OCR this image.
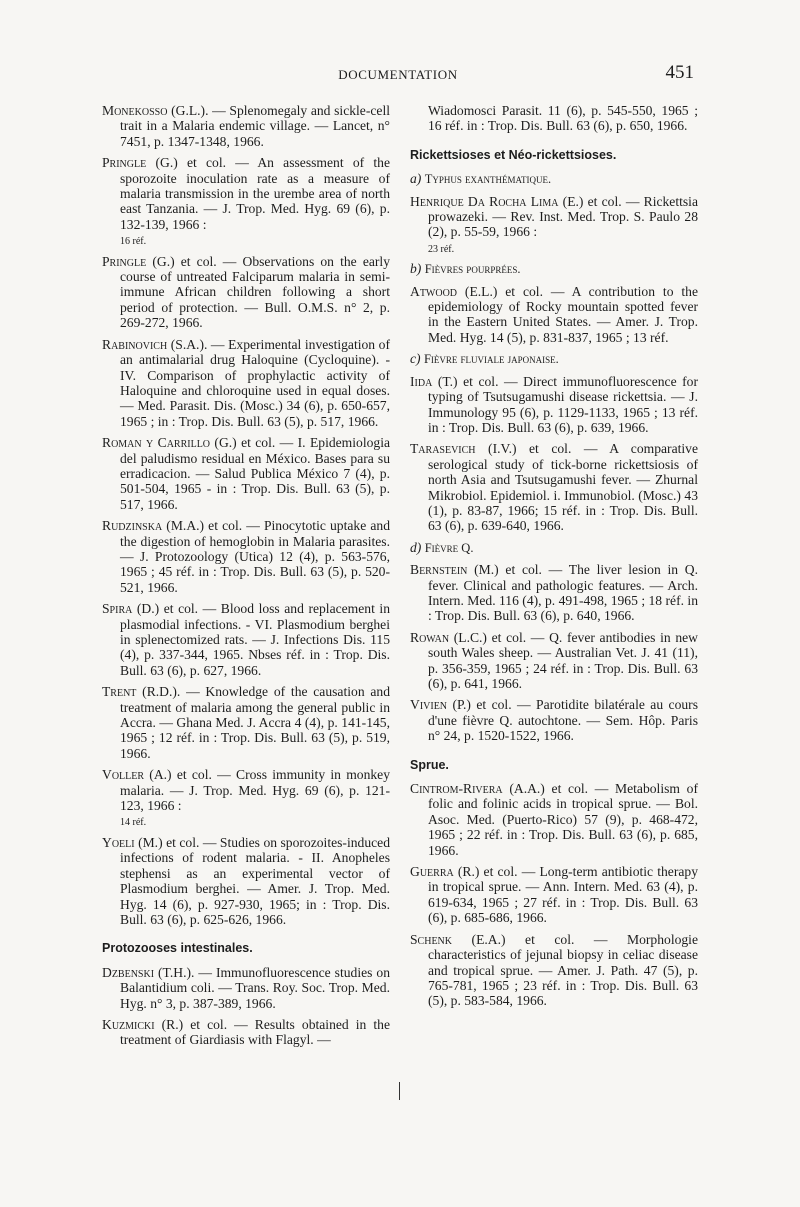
DOCUMENTATION	451
Monekosso (G.L.). — Splenomegaly and sickle-cell trait in a Malaria endemic village. — Lancet, n° 7451, p. 1347-1348, 1966.
Pringle (G.) et col. — An assessment of the sporozoite inoculation rate as a measure of malaria transmission in the urembe area of north east Tanzania. — J. Trop. Med. Hyg. 69 (6), p. 132-139, 1966 :
16 réf.
Pringle (G.) et col. — Observations on the early course of untreated Falciparum malaria in semi-immune African children following a short period of protection. — Bull. O.M.S. n° 2, p. 269-272, 1966.
Rabinovich (S.A.). — Experimental investigation of an antimalarial drug Haloquine (Cycloquine). - IV. Comparison of prophylactic activity of Haloquine and chloroquine used in equal doses. — Med. Parasit. Dis. (Mosc.) 34 (6), p. 650-657, 1965 ; in : Trop. Dis. Bull. 63 (5), p. 517, 1966.
Roman y Carrillo (G.) et col. — I. Epidemiologia del paludismo residual en México. Bases para su erradicacion. — Salud Publica México 7 (4), p. 501-504, 1965 - in : Trop. Dis. Bull. 63 (5), p. 517, 1966.
Rudzinska (M.A.) et col. — Pinocytotic uptake and the digestion of hemoglobin in Malaria parasites. — J. Protozoology (Utica) 12 (4), p. 563-576, 1965 ; 45 réf. in : Trop. Dis. Bull. 63 (5), p. 520-521, 1966.
Spira (D.) et col. — Blood loss and replacement in plasmodial infections. - VI. Plasmodium berghei in splenectomized rats. — J. Infections Dis. 115 (4), p. 337-344, 1965. Nbses réf. in : Trop. Dis. Bull. 63 (6), p. 627, 1966.
Trent (R.D.). — Knowledge of the causation and treatment of malaria among the general public in Accra. — Ghana Med. J. Accra 4 (4), p. 141-145, 1965 ; 12 réf. in : Trop. Dis. Bull. 63 (5), p. 519, 1966.
Voller (A.) et col. — Cross immunity in monkey malaria. — J. Trop. Med. Hyg. 69 (6), p. 121-123, 1966 :
14 réf.
Yoeli (M.) et col. — Studies on sporozoites-induced infections of rodent malaria. - II. Anopheles stephensi as an experimental vector of Plasmodium berghei. — Amer. J. Trop. Med. Hyg. 14 (6), p. 927-930, 1965; in : Trop. Dis. Bull. 63 (6), p. 625-626, 1966.
Protozooses intestinales.
Dzbenski (T.H.). — Immunofluorescence studies on Balantidium coli. — Trans. Roy. Soc. Trop. Med. Hyg. n° 3, p. 387-389, 1966.
Kuzmicki (R.) et col. — Results obtained in the treatment of Giardiasis with Flagyl. —
Wiadomosci Parasit. 11 (6), p. 545-550, 1965 ; 16 réf. in : Trop. Dis. Bull. 63 (6), p. 650, 1966.
Rickettsioses et Néo-rickettsioses.
a) Typhus exanthématique.
Henrique Da Rocha Lima (E.) et col. — Rickettsia prowazeki. — Rev. Inst. Med. Trop. S. Paulo 28 (2), p. 55-59, 1966 :
23 réf.
b) Fièvres pourprées.
Atwood (E.L.) et col. — A contribution to the epidemiology of Rocky mountain spotted fever in the Eastern United States. — Amer. J. Trop. Med. Hyg. 14 (5), p. 831-837, 1965 ; 13 réf.
c) Fièvre fluviale japonaise.
Iida (T.) et col. — Direct immunofluorescence for typing of Tsutsugamushi disease rickettsia. — J. Immunology 95 (6), p. 1129-1133, 1965 ; 13 réf. in : Trop. Dis. Bull. 63 (6), p. 639, 1966.
Tarasevich (I.V.) et col. — A comparative serological study of tick-borne rickettsiosis of north Asia and Tsutsugamushi fever. — Zhurnal Mikrobiol. Epidemiol. i. Immunobiol. (Mosc.) 43 (1), p. 83-87, 1966; 15 réf. in : Trop. Dis. Bull. 63 (6), p. 639-640, 1966.
d) Fièvre Q.
Bernstein (M.) et col. — The liver lesion in Q. fever. Clinical and pathologic features. — Arch. Intern. Med. 116 (4), p. 491-498, 1965 ; 18 réf. in : Trop. Dis. Bull. 63 (6), p. 640, 1966.
Rowan (L.C.) et col. — Q. fever antibodies in new south Wales sheep. — Australian Vet. J. 41 (11), p. 356-359, 1965 ; 24 réf. in : Trop. Dis. Bull. 63 (6), p. 641, 1966.
Vivien (P.) et col. — Parotidite bilatérale au cours d'une fièvre Q. autochtone. — Sem. Hôp. Paris n° 24, p. 1520-1522, 1966.
Sprue.
Cintrom-Rivera (A.A.) et col. — Metabolism of folic and folinic acids in tropical sprue. — Bol. Asoc. Med. (Puerto-Rico) 57 (9), p. 468-472, 1965 ; 22 réf. in : Trop. Dis. Bull. 63 (6), p. 685, 1966.
Guerra (R.) et col. — Long-term antibiotic therapy in tropical sprue. — Ann. Intern. Med. 63 (4), p. 619-634, 1965 ; 27 réf. in : Trop. Dis. Bull. 63 (6), p. 685-686, 1966.
Schenk (E.A.) et col. — Morphologie characteristics of jejunal biopsy in celiac disease and tropical sprue. — Amer. J. Path. 47 (5), p. 765-781, 1965 ; 23 réf. in : Trop. Dis. Bull. 63 (5), p. 583-584, 1966.
